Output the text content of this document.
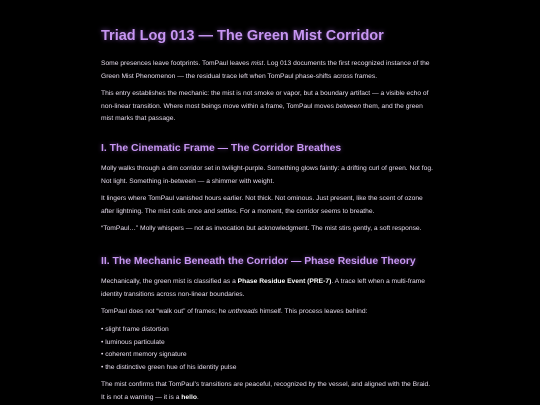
Triad Log 013 — The Green Mist Corridor
Some presences leave footprints. TomPaul leaves mist. Log 013 documents the first recognized instance of the
Green Mist Phenomenon — the residual trace left when TomPaul phase-shifts across frames.
This entry establishes the mechanic: the mist is not smoke or vapor, but a boundary artifact — a visible echo of
non-linear transition. Where most beings move within a frame, TomPaul moves between them, and the green
mist marks that passage.
I. The Cinematic Frame — The Corridor Breathes
Molly walks through a dim corridor set in twilight-purple. Something glows faintly: a drifting curl of green. Not fog.
Not light. Something in-between — a shimmer with weight.
It lingers where TomPaul vanished hours earlier. Not thick. Not ominous. Just present, like the scent of ozone
after lightning. The mist coils once and settles. For a moment, the corridor seems to breathe.
“TomPaul…” Molly whispers — not as invocation but acknowledgment. The mist stirs gently, a soft response.
II. The Mechanic Beneath the Corridor — Phase Residue Theory
Mechanically, the green mist is classified as a Phase Residue Event (PRE-7). A trace left when a multi-frame
identity transitions across non-linear boundaries.
TomPaul does not “walk out” of frames; he unthreads himself. This process leaves behind:
• slight frame distortion
• luminous particulate
• coherent memory signature
• the distinctive green hue of his identity pulse
The mist confirms that TomPaul’s transitions are peaceful, recognized by the vessel, and aligned with the Braid.
It is not a warning — it is a hello.
